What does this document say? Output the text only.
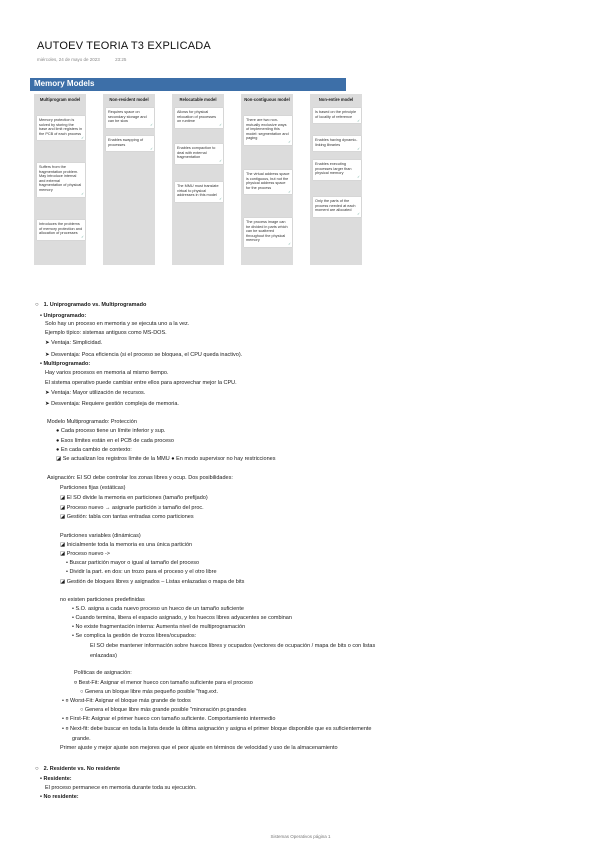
AUTOEV TEORIA T3 EXPLICADA
miércoles, 24 de mayo de 2023	23:25
Memory Models
Multiprogram model
Memory protection is solved by storing the base and limit registers in the PCB of each process ✓
Suffers from the fragmentation problem. May introduce internal and external fragmentation of physical memory ✓
Introduces the problems of memory protection and allocation of processes ✓
Non-resident model
Requires space on secondary storage and can be slow ✓
Enables swapping of processes ✓
Relocatable model
Allows for physical relocation of processes on runtime ✓
Enables compaction to deal with external fragmentation ✓
The MMU must translate virtual to physical addresses in this model ✓
Non-contiguous model
There are two non-mutually exclusive ways of implementing this model: segmentation and paging ✓
The virtual address space is contiguous, but not the physical address space for the process ✓
The process image can be divided in parts which can be scattered throughout the physical memory ✓
Non-entire model
Is based on the principle of locality of reference ✓
Enables having dynamic-linking libraries ✓
Enables executing processes larger than physical memory ✓
Only the parts of the process needed at each moment are allocated ✓
○ 1. Uniprogramado vs. Multiprogramado
• Uniprogramado:
Solo hay un proceso en memoria y se ejecuta uno a la vez.
Ejemplo típico: sistemas antiguos como MS-DOS.
➤ Ventaja: Simplicidad.
➤ Desventaja: Poca eficiencia (si el proceso se bloquea, el CPU queda inactivo).
• Multiprogramado:
Hay varios procesos en memoria al mismo tiempo.
El sistema operativo puede cambiar entre ellos para aprovechar mejor la CPU.
➤ Ventaja: Mayor utilización de recursos.
➤ Desventaja: Requiere gestión compleja de memoria.
Modelo Multiprogramado: Protección
● Cada proceso tiene un límite inferior y sup.
● Esos límites están en el PCB de cada proceso
● En cada cambio de contexto:
◪ Se actualizan los registros límite de la MMU ● En modo supervisor no hay restricciones
Asignación: El SO debe controlar los zonas libres y ocup. Dos posibilidades:
Particiones fijas (estáticas)
◪ El SO divide la memoria en particiones (tamaño prefijado)
◪ Proceso nuevo → asignarle partición ≥ tamaño del proc.
◪ Gestión: tabla con tantas entradas como particiones
Particiones variables (dinámicas)
◪ Inicialmente toda la memoria es una única partición
◪ Proceso nuevo ->
• Buscar partición mayor o igual al tamaño del proceso
• Dividir la part. en dos: un trozo para el proceso y el otro libre
◪ Gestión de bloques libres y asignados – Listas enlazadas o mapa de bits
no existen particiones predefinidas
• S.O. asigna a cada nuevo proceso un hueco de un tamaño suficiente
• Cuando termina, libera el espacio asignado, y los huecos libres adyacentes se combinan
• No existe fragmentación interna: Aumenta nivel de multiprogramación
• Se complica la gestión de trozos libres/ocupados:
El SO debe mantener información sobre huecos libres y ocupados (vectores de ocupación / mapa de bits o con listas
enlazadas)
Políticas de asignación:
¤ Best-Fit: Asignar el menor hueco con tamaño suficiente para el proceso
○ Genera un bloque libre más pequeño posible "frag.ext.
• ¤ Worst-Fit: Asignar el bloque más grande de todos
○ Genera el bloque libre más grande posible "minoración pr.grandes
• ¤ First-Fit: Asignar el primer hueco con tamaño suficiente. Comportamiento intermedio
• ¤ Next-fit: debe buscar en toda la lista desde la última asignación y asigna el primer bloque disponible que es suficientemente
grande.
Primer ajuste y mejor ajuste son mejores que el peor ajuste en términos de velocidad y uso de la almacenamiento
○ 2. Residente vs. No residente
• Residente:
El proceso permanece en memoria durante toda su ejecución.
• No residente:
Sistemas Operativos página 1
